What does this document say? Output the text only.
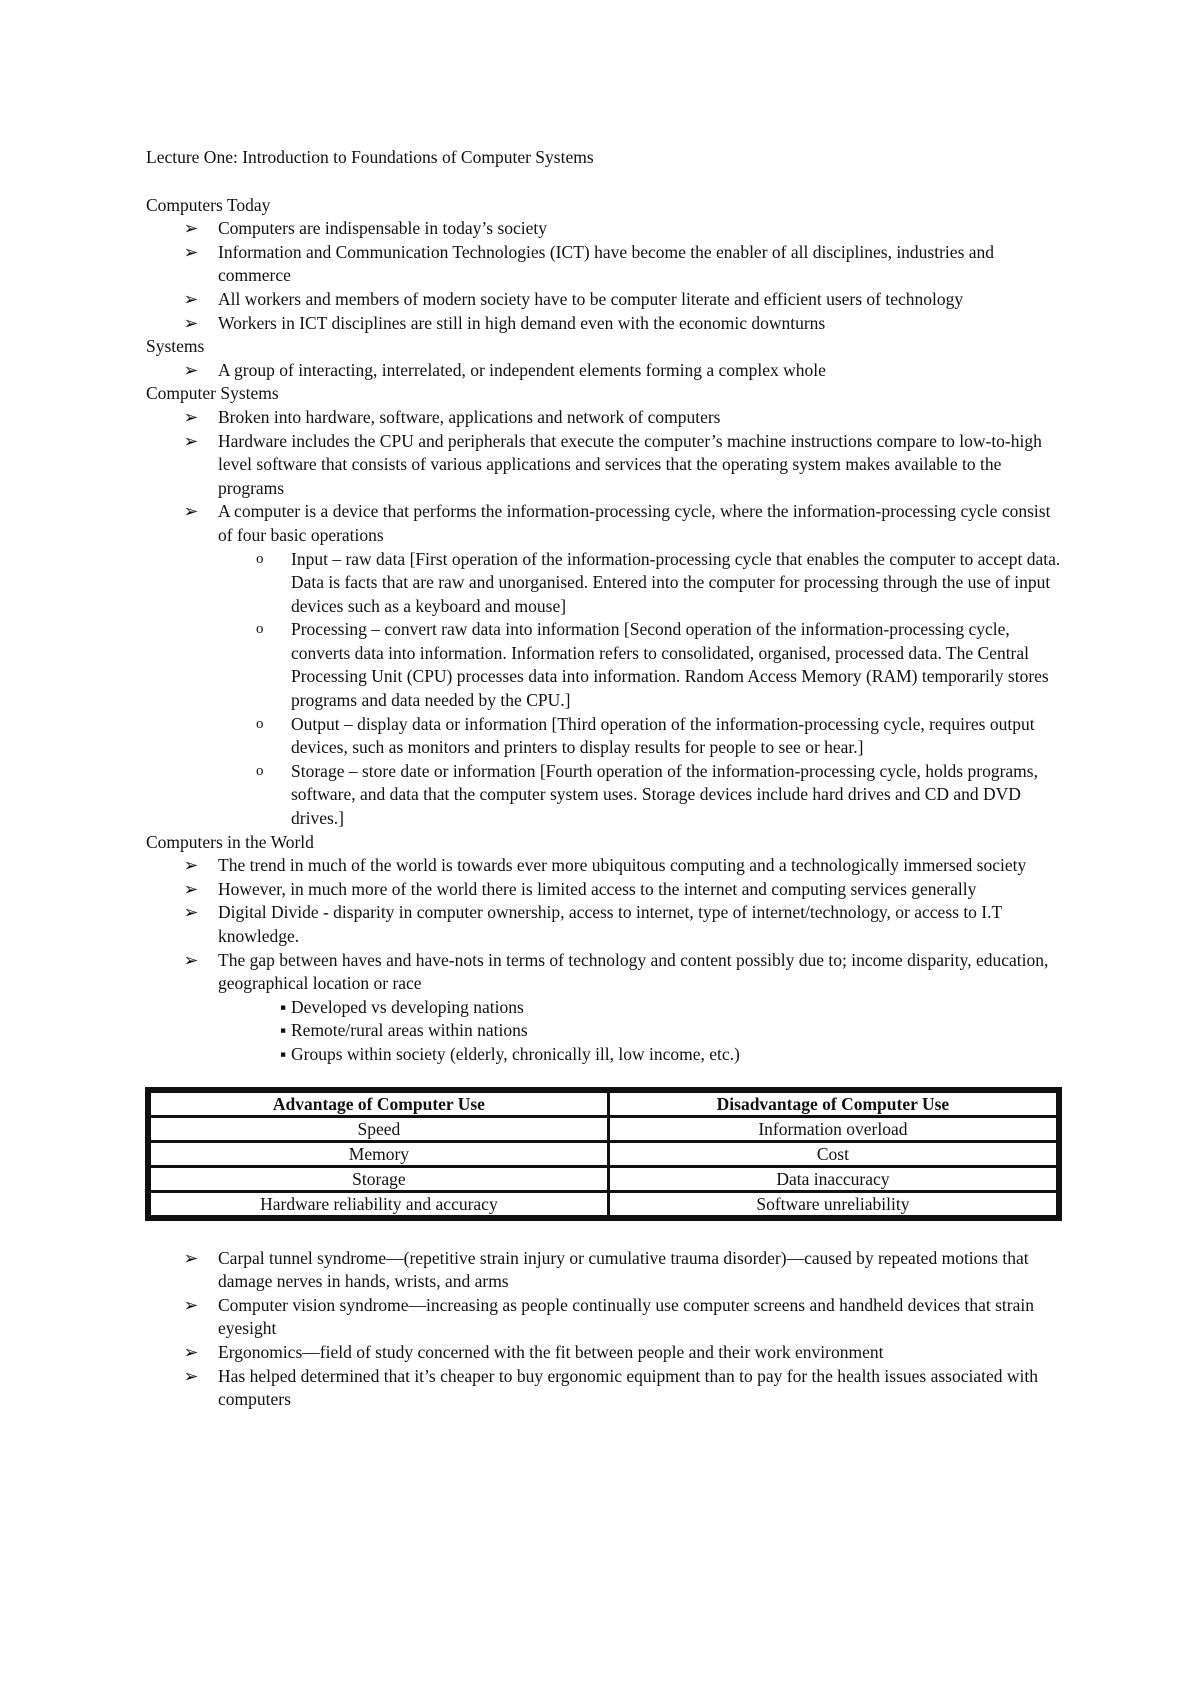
Lecture One: Introduction to Foundations of Computer Systems
Computers Today
➢ Computers are indispensable in today’s society
➢ Information and Communication Technologies (ICT) have become the enabler of all disciplines, industries and commerce
➢ All workers and members of modern society have to be computer literate and efficient users of technology
➢ Workers in ICT disciplines are still in high demand even with the economic downturns
Systems
➢ A group of interacting, interrelated, or independent elements forming a complex whole
Computer Systems
➢ Broken into hardware, software, applications and network of computers
➢ Hardware includes the CPU and peripherals that execute the computer’s machine instructions compare to low-to-high level software that consists of various applications and services that the operating system makes available to the programs
➢ A computer is a device that performs the information-processing cycle, where the information-processing cycle consist of four basic operations
o Input – raw data [First operation of the information-processing cycle that enables the computer to accept data. Data is facts that are raw and unorganised. Entered into the computer for processing through the use of input devices such as a keyboard and mouse]
o Processing – convert raw data into information [Second operation of the information-processing cycle, converts data into information. Information refers to consolidated, organised, processed data. The Central Processing Unit (CPU) processes data into information. Random Access Memory (RAM) temporarily stores programs and data needed by the CPU.]
o Output – display data or information [Third operation of the information-processing cycle, requires output devices, such as monitors and printers to display results for people to see or hear.]
o Storage – store date or information [Fourth operation of the information-processing cycle, holds programs, software, and data that the computer system uses. Storage devices include hard drives and CD and DVD drives.]
Computers in the World
➢ The trend in much of the world is towards ever more ubiquitous computing and a technologically immersed society
➢ However, in much more of the world there is limited access to the internet and computing services generally
➢ Digital Divide - disparity in computer ownership, access to internet, type of internet/technology, or access to I.T knowledge.
➢ The gap between haves and have-nots in terms of technology and content possibly due to; income disparity, education, geographical location or race
▪ Developed vs developing nations
▪ Remote/rural areas within nations
▪ Groups within society (elderly, chronically ill, low income, etc.)
Advantage of Computer Use	Disadvantage of Computer Use
Speed	Information overload
Memory	Cost
Storage	Data inaccuracy
Hardware reliability and accuracy	Software unreliability
➢ Carpal tunnel syndrome—(repetitive strain injury or cumulative trauma disorder)—caused by repeated motions that damage nerves in hands, wrists, and arms
➢ Computer vision syndrome—increasing as people continually use computer screens and handheld devices that strain eyesight
➢ Ergonomics—field of study concerned with the fit between people and their work environment
➢ Has helped determined that it’s cheaper to buy ergonomic equipment than to pay for the health issues associated with computers
